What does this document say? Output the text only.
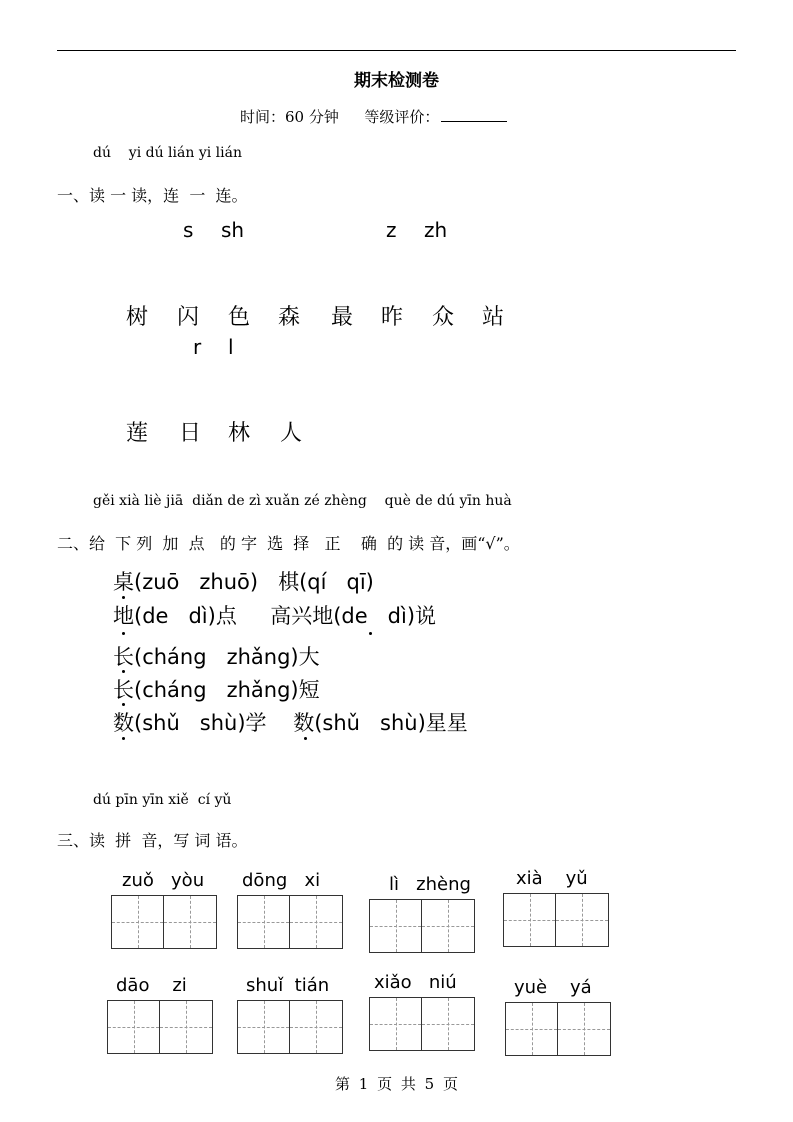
期末检测卷
时间：60 分钟 等级评价：
dú    yi dú lián yi lián
一、读 一 读，连  一  连。
s sh	z zh
树 闪 色 森 最 昨 众 站
r l
莲 日 林 人
gěi xià liè jiā  diǎn de zì xuǎn zé zhèng    què de dú yīn huà
二、给  下 列  加  点   的 字  选  择   正    确  的 读 音，画“√”。
桌(zuō   zhuō)   棋(qí   qī)
地(de   dì)点     高兴地(de   dì)说
长(cháng   zhǎng)大
长(cháng   zhǎng)短
数(shǔ   shù)学    数(shǔ   shù)星星
dú pīn yīn xiě  cí yǔ
三、读  拼  音，写 词 语。
zuǒ   yòu dōng   xi	lì   zhèng	xià    yǔ
dāo    zi	shuǐ  tián xiǎo   niú	yuè    yá
第 1 页 共 5 页
